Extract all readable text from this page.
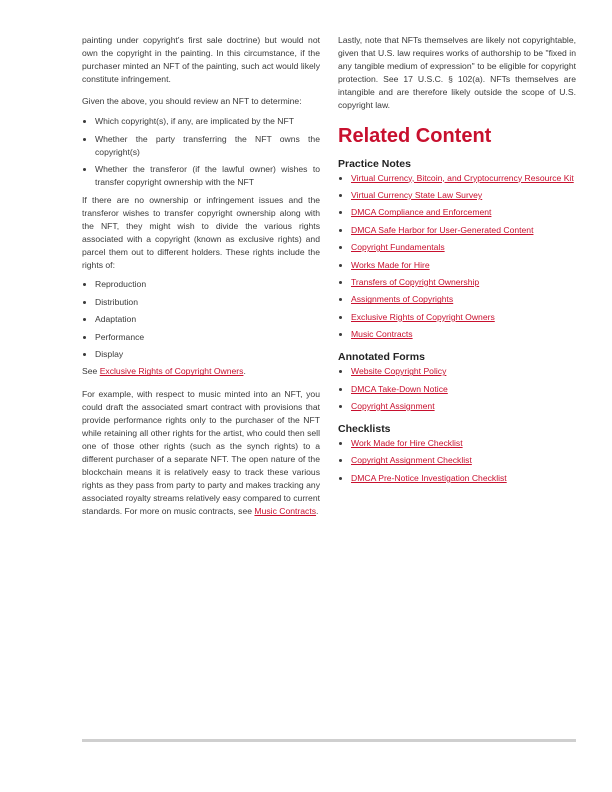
painting under copyright's first sale doctrine) but would not own the copyright in the painting. In this circumstance, if the purchaser minted an NFT of the painting, such act would likely constitute infringement.

Given the above, you should review an NFT to determine:

• Which copyright(s), if any, are implicated by the NFT
• Whether the party transferring the NFT owns the copyright(s)
• Whether the transferor (if the lawful owner) wishes to transfer copyright ownership with the NFT

If there are no ownership or infringement issues and the transferor wishes to transfer copyright ownership along with the NFT, they might wish to divide the various rights associated with a copyright (known as exclusive rights) and parcel them out to different holders. These rights include the rights of:

• Reproduction
• Distribution
• Adaptation
• Performance
• Display

See Exclusive Rights of Copyright Owners.

For example, with respect to music minted into an NFT, you could draft the associated smart contract with provisions that provide performance rights only to the purchaser of the NFT while retaining all other rights for the artist, who could then sell one of those other rights (such as the synch rights) to a different purchaser of a separate NFT. The open nature of the blockchain means it is relatively easy to track these various rights as they pass from party to party and makes tracking any associated royalty streams relatively easy compared to current standards. For more on music contracts, see Music Contracts.

Lastly, note that NFTs themselves are likely not copyrightable, given that U.S. law requires works of authorship to be "fixed in any tangible medium of expression" to be eligible for copyright protection. See 17 U.S.C. § 102(a). NFTs themselves are intangible and are therefore likely outside the scope of U.S. copyright law.

Related Content
Practice Notes
• Virtual Currency, Bitcoin, and Cryptocurrency Resource Kit
• Virtual Currency State Law Survey
• DMCA Compliance and Enforcement
• DMCA Safe Harbor for User-Generated Content
• Copyright Fundamentals
• Works Made for Hire
• Transfers of Copyright Ownership
• Assignments of Copyrights
• Exclusive Rights of Copyright Owners
• Music Contracts
Annotated Forms
• Website Copyright Policy
• DMCA Take-Down Notice
• Copyright Assignment
Checklists
• Work Made for Hire Checklist
• Copyright Assignment Checklist
• DMCA Pre-Notice Investigation Checklist
